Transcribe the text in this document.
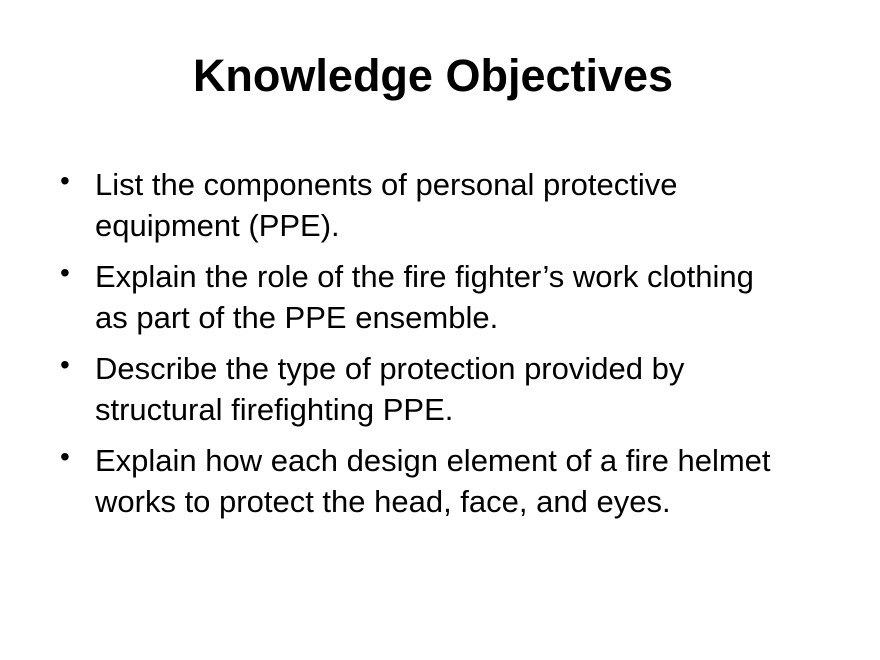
Knowledge Objectives
• List the components of personal protective equipment (PPE).
• Explain the role of the fire fighter’s work clothing as part of the PPE ensemble.
• Describe the type of protection provided by structural firefighting PPE.
• Explain how each design element of a fire helmet works to protect the head, face, and eyes.
